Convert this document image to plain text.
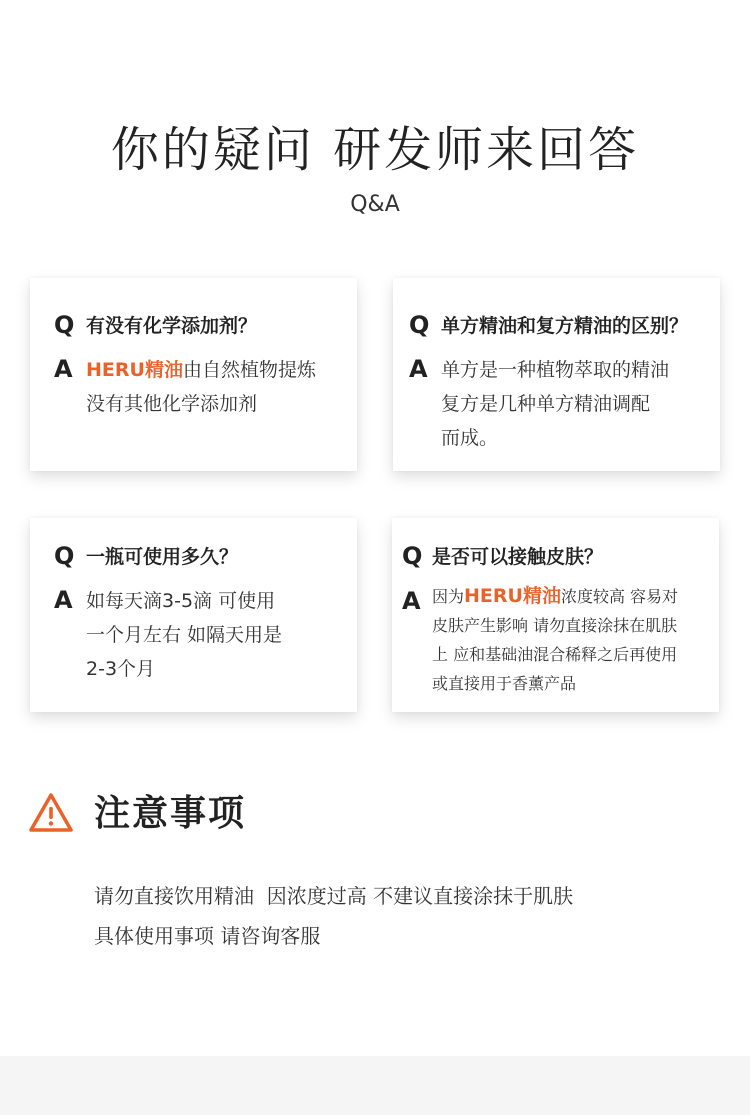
你的疑问 研发师来回答
Q&A
Q 有没有化学添加剂？
A HERU精油由自然植物提炼
没有其他化学添加剂
Q 单方精油和复方精油的区别？
A 单方是一种植物萃取的精油
复方是几种单方精油调配
而成。
Q 一瓶可使用多久？
A 如每天滴3-5滴 可使用
一个月左右 如隔天用是
2-3个月
Q 是否可以接触皮肤？
A 因为HERU精油浓度较高 容易对
皮肤产生影响 请勿直接涂抹在肌肤
上 应和基础油混合稀释之后再使用
或直接用于香薰产品
注意事项
请勿直接饮用精油  因浓度过高 不建议直接涂抹于肌肤
具体使用事项 请咨询客服
